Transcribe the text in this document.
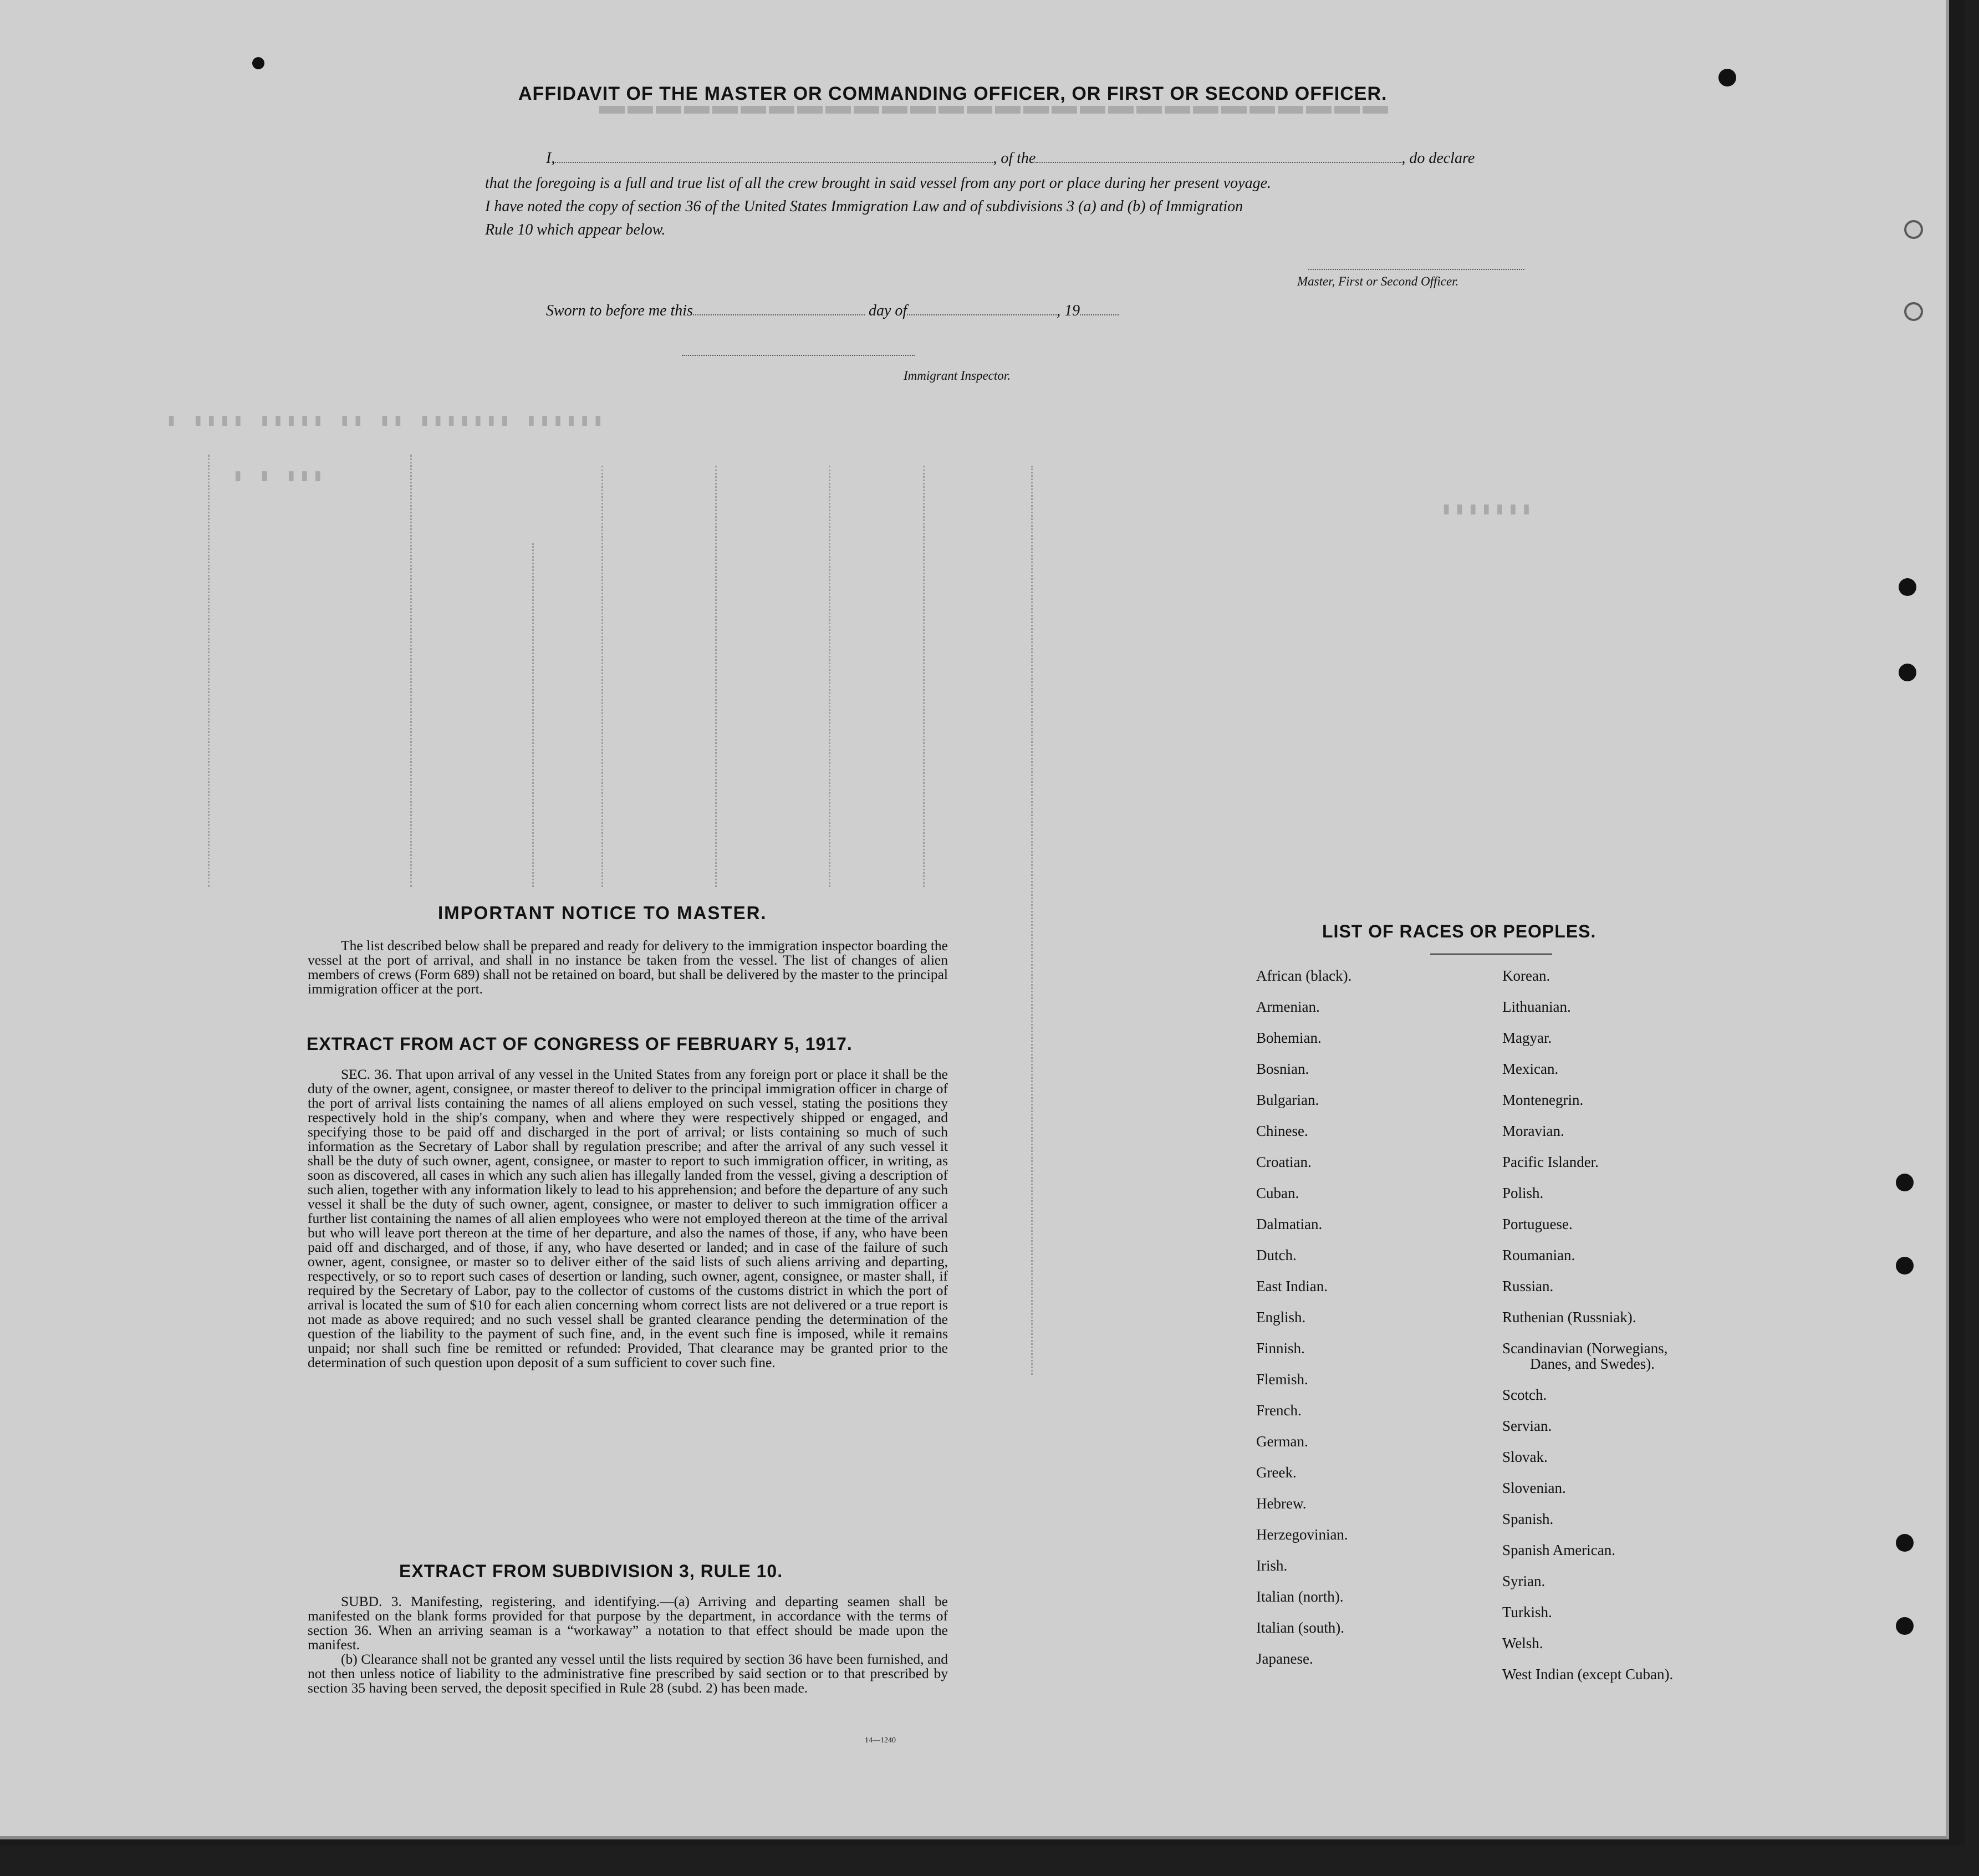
▬▬▬▬▬▬▬▬▬▬▬▬▬▬▬▬▬▬▬▬▬▬▬▬▬▬▬▬
▮ ▮▮▮▮ ▮▮▮▮▮ ▮▮ ▮▮ ▮▮▮▮▮▮▮ ▮▮▮▮▮▮
▮▮▮▮▮▮▮
▮ ▮ ▮▮▮
AFFIDAVIT OF THE MASTER OR COMMANDING OFFICER, OR FIRST OR SECOND OFFICER.
I,	, of the	, do declare
that the foregoing is a full and true list of all the crew brought in said vessel from any port or place during her present voyage.
I have noted the copy of section 36 of the United States Immigration Law and of subdivisions 3 (a) and (b) of Immigration
Rule 10 which appear below.
Master, First or Second Officer.
Sworn to before me this	day of	, 19
Immigrant Inspector.
IMPORTANT NOTICE TO MASTER.

The list described below shall be prepared and ready for delivery to the immigration inspector boarding the vessel at the port of arrival, and shall in no instance be taken from the vessel. The list of changes of alien members of crews (Form 689) shall not be retained on board, but shall be delivered by the master to the principal immigration officer at the port.

EXTRACT FROM ACT OF CONGRESS OF FEBRUARY 5, 1917.

SEC. 36. That upon arrival of any vessel in the United States from any foreign port or place it shall be the duty of the owner, agent, consignee, or master thereof to deliver to the principal immigration officer in charge of the port of arrival lists containing the names of all aliens employed on such vessel, stating the positions they respectively hold in the ship's company, when and where they were respectively shipped or engaged, and specifying those to be paid off and discharged in the port of arrival; or lists containing so much of such information as the Secretary of Labor shall by regulation prescribe; and after the arrival of any such vessel it shall be the duty of such owner, agent, consignee, or master to report to such immigration officer, in writing, as soon as discovered, all cases in which any such alien has illegally landed from the vessel, giving a description of such alien, together with any information likely to lead to his apprehension; and before the departure of any such vessel it shall be the duty of such owner, agent, consignee, or master to deliver to such immigration officer a further list containing the names of all alien employees who were not employed thereon at the time of the arrival but who will leave port thereon at the time of her departure, and also the names of those, if any, who have been paid off and discharged, and of those, if any, who have deserted or landed; and in case of the failure of such owner, agent, consignee, or master so to deliver either of the said lists of such aliens arriving and departing, respectively, or so to report such cases of desertion or landing, such owner, agent, consignee, or master shall, if required by the Secretary of Labor, pay to the collector of customs of the customs district in which the port of arrival is located the sum of $10 for each alien concerning whom correct lists are not delivered or a true report is not made as above required; and no such vessel shall be granted clearance pending the determination of the question of the liability to the payment of such fine, and, in the event such fine is imposed, while it remains unpaid; nor shall such fine be remitted or refunded: Provided, That clearance may be granted prior to the determination of such question upon deposit of a sum sufficient to cover such fine.

EXTRACT FROM SUBDIVISION 3, RULE 10.

SUBD. 3. Manifesting, registering, and identifying.—(a) Arriving and departing seamen shall be manifested on the blank forms provided for that purpose by the department, in accordance with the terms of section 36. When an arriving seaman is a “workaway” a notation to that effect should be made upon the manifest.

(b) Clearance shall not be granted any vessel until the lists required by section 36 have been furnished, and not then unless notice of liability to the administrative fine prescribed by said section or to that prescribed by section 35 having been served, the deposit specified in Rule 28 (subd. 2) has been made.

14—1240
LIST OF RACES OR PEOPLES.
African (black).
Armenian.
Bohemian.
Bosnian.
Bulgarian.
Chinese.
Croatian.
Cuban.
Dalmatian.
Dutch.
East Indian.
English.
Finnish.
Flemish.
French.
German.
Greek.
Hebrew.
Herzegovinian.
Irish.
Italian (north).
Italian (south).
Japanese.
Korean.
Lithuanian.
Magyar.
Mexican.
Montenegrin.
Moravian.
Pacific Islander.
Polish.
Portuguese.
Roumanian.
Russian.
Ruthenian (Russniak).
Scandinavian (Norwegians,
Danes, and Swedes).
Scotch.
Servian.
Slovak.
Slovenian.
Spanish.
Spanish American.
Syrian.
Turkish.
Welsh.
West Indian (except Cuban).
